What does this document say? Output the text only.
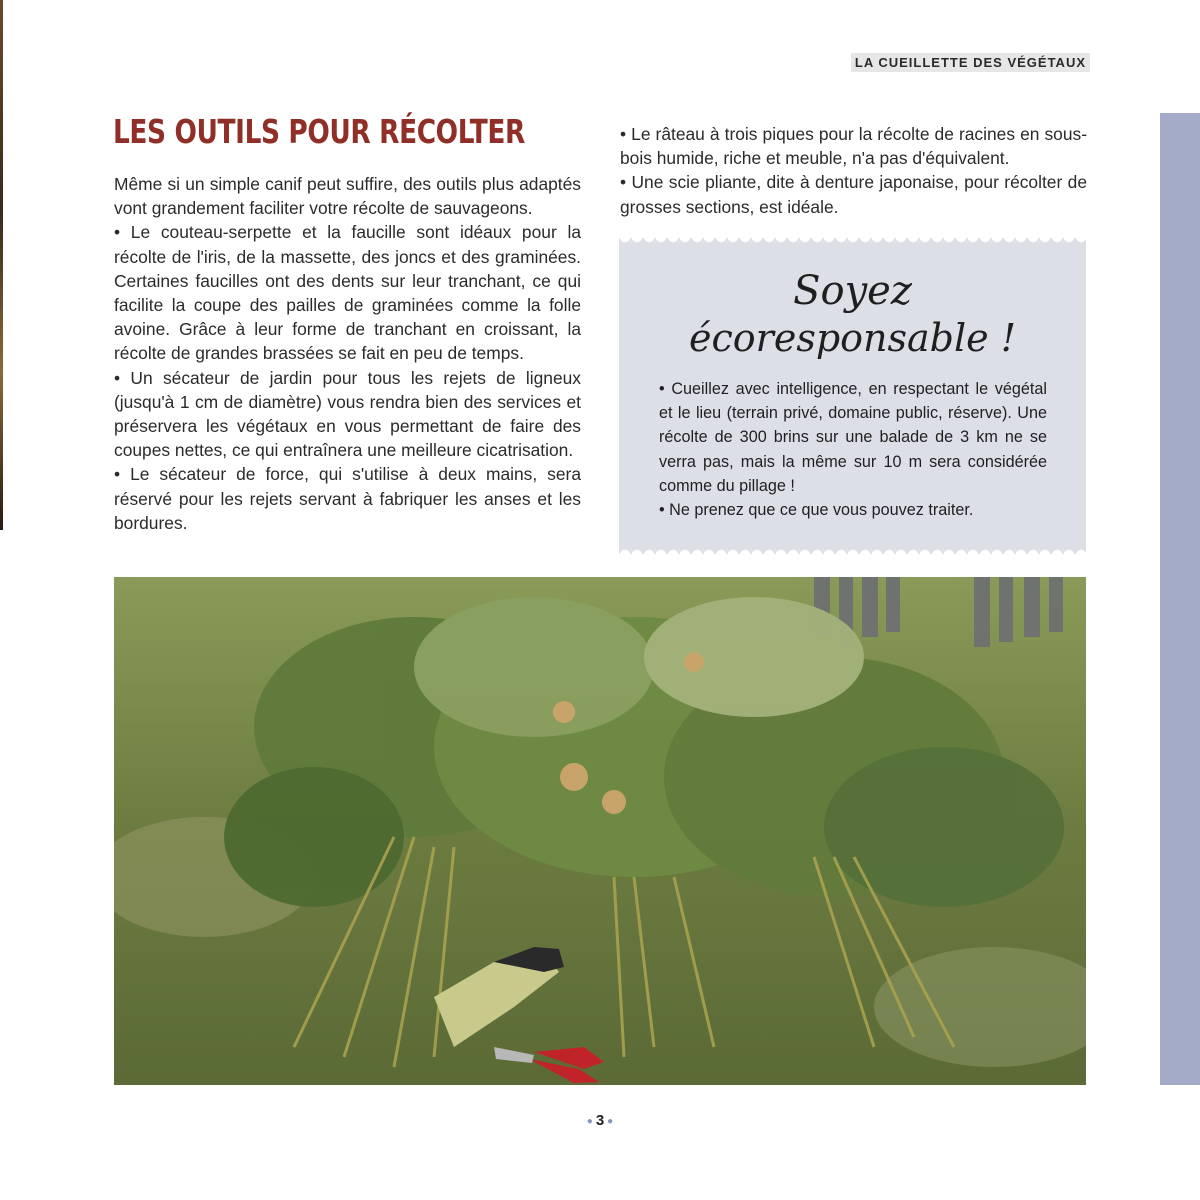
LA CUEILLETTE DES VÉGÉTAUX
LES OUTILS POUR RÉCOLTER

Même si un simple canif peut suffire, des outils plus adaptés vont grandement faciliter votre récolte de sauvageons.

• Le couteau-serpette et la faucille sont idéaux pour la récolte de l'iris, de la massette, des joncs et des graminées. Certaines faucilles ont des dents sur leur tranchant, ce qui facilite la coupe des pailles de graminées comme la folle avoine. Grâce à leur forme de tranchant en croissant, la récolte de grandes brassées se fait en peu de temps.

• Un sécateur de jardin pour tous les rejets de ligneux (jusqu'à 1 cm de diamètre) vous rendra bien des services et préservera les végétaux en vous permettant de faire des coupes nettes, ce qui entraînera une meilleure cicatrisation.

• Le sécateur de force, qui s'utilise à deux mains, sera réservé pour les rejets servant à fabriquer les anses et les bordures.

• Le râteau à trois piques pour la récolte de racines en sous-bois humide, riche et meuble, n'a pas d'équivalent.

• Une scie pliante, dite à denture japonaise, pour récolter de grosses sections, est idéale.

Soyez

écoresponsable !

• Cueillez avec intelligence, en respectant le végétal et le lieu (terrain privé, domaine public, réserve). Une récolte de 300 brins sur une balade de 3 km ne se verra pas, mais la même sur 10 m sera considérée comme du pillage !

• Ne prenez que ce que vous pouvez traiter.

● 3 ●
